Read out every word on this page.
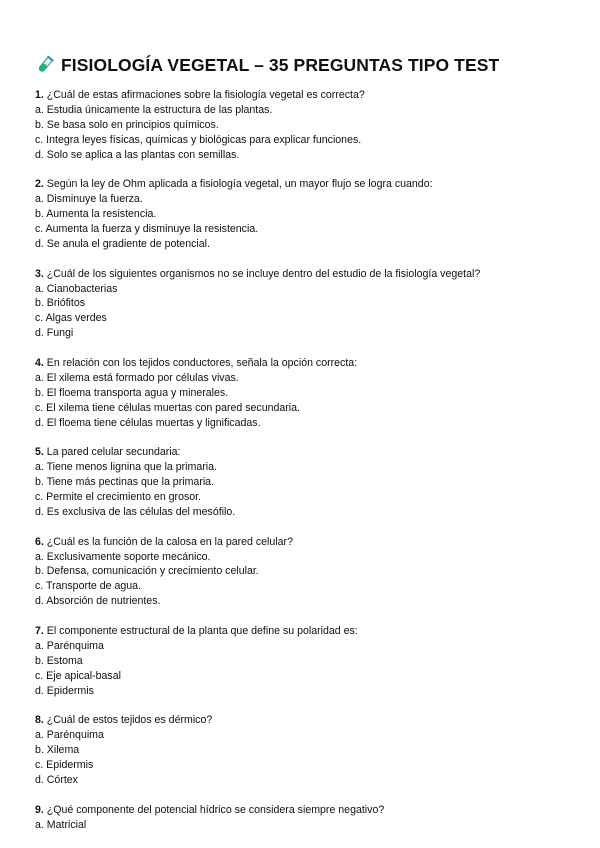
FISIOLOGÍA VEGETAL – 35 PREGUNTAS TIPO TEST
1. ¿Cuál de estas afirmaciones sobre la fisiología vegetal es correcta?
a. Estudia únicamente la estructura de las plantas.
b. Se basa solo en principios químicos.
c. Integra leyes físicas, químicas y biológicas para explicar funciones.
d. Solo se aplica a las plantas con semillas.
2. Según la ley de Ohm aplicada a fisiología vegetal, un mayor flujo se logra cuando:
a. Disminuye la fuerza.
b. Aumenta la resistencia.
c. Aumenta la fuerza y disminuye la resistencia.
d. Se anula el gradiente de potencial.
3. ¿Cuál de los siguientes organismos no se incluye dentro del estudio de la fisiología vegetal?
a. Cianobacterias
b. Briófitos
c. Algas verdes
d. Fungi
4. En relación con los tejidos conductores, señala la opción correcta:
a. El xilema está formado por células vivas.
b. El floema transporta agua y minerales.
c. El xilema tiene células muertas con pared secundaria.
d. El floema tiene células muertas y lignificadas.
5. La pared celular secundaria:
a. Tiene menos lignina que la primaria.
b. Tiene más pectinas que la primaria.
c. Permite el crecimiento en grosor.
d. Es exclusiva de las células del mesófilo.
6. ¿Cuál es la función de la calosa en la pared celular?
a. Exclusivamente soporte mecánico.
b. Defensa, comunicación y crecimiento celular.
c. Transporte de agua.
d. Absorción de nutrientes.
7. El componente estructural de la planta que define su polaridad es:
a. Parénquima
b. Estoma
c. Eje apical-basal
d. Epidermis
8. ¿Cuál de estos tejidos es dérmico?
a. Parénquima
b. Xilema
c. Epidermis
d. Córtex
9. ¿Qué componente del potencial hídrico se considera siempre negativo?
a. Matricial
